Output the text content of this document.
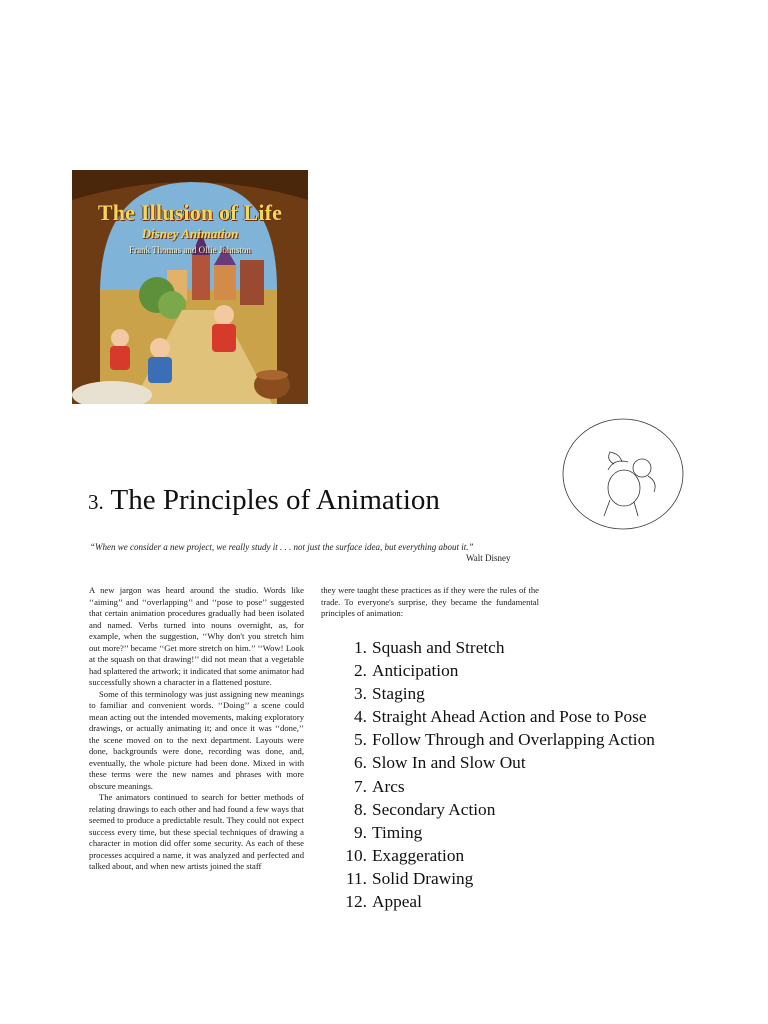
The Illusion of Life
Disney Animation
Frank Thomas and Ollie Johnston
3. The Principles of Animation
“When we consider a new project, we really study it . . . not just the surface idea, but everything about it.”
Walt Disney

A new jargon was heard around the studio. Words like ‘‘aiming’’ and ‘‘overlapping’’ and ‘‘pose to pose’’ suggested that certain animation procedures gradually had been isolated and named. Verbs turned into nouns overnight, as, for example, when the suggestion, ‘‘Why don't you stretch him out more?’’ became ‘‘Get more stretch on him.’’ ‘‘Wow! Look at the squash on that drawing!’’ did not mean that a vegetable had splattered the artwork; it indicated that some animator had successfully shown a character in a flattened posture.

Some of this terminology was just assigning new meanings to familiar and convenient words. ‘‘Doing’’ a scene could mean acting out the intended movements, making exploratory drawings, or actually animating it; and once it was ‘‘done,’’ the scene moved on to the next department. Layouts were done, backgrounds were done, recording was done, and, eventually, the whole picture had been done. Mixed in with these terms were the new names and phrases with more obscure meanings.

The animators continued to search for better methods of relating drawings to each other and had found a few ways that seemed to produce a predictable result. They could not expect success every time, but these special techniques of drawing a character in motion did offer some security. As each of these processes acquired a name, it was analyzed and perfected and talked about, and when new artists joined the staff

they were taught these practices as if they were the rules of the trade. To everyone's surprise, they became the fundamental principles of animation:
1. Squash and Stretch
2. Anticipation
3. Staging
4. Straight Ahead Action and Pose to Pose
5. Follow Through and Overlapping Action
6. Slow In and Slow Out
7. Arcs
8. Secondary Action
9. Timing
10. Exaggeration
11. Solid Drawing
12. Appeal
